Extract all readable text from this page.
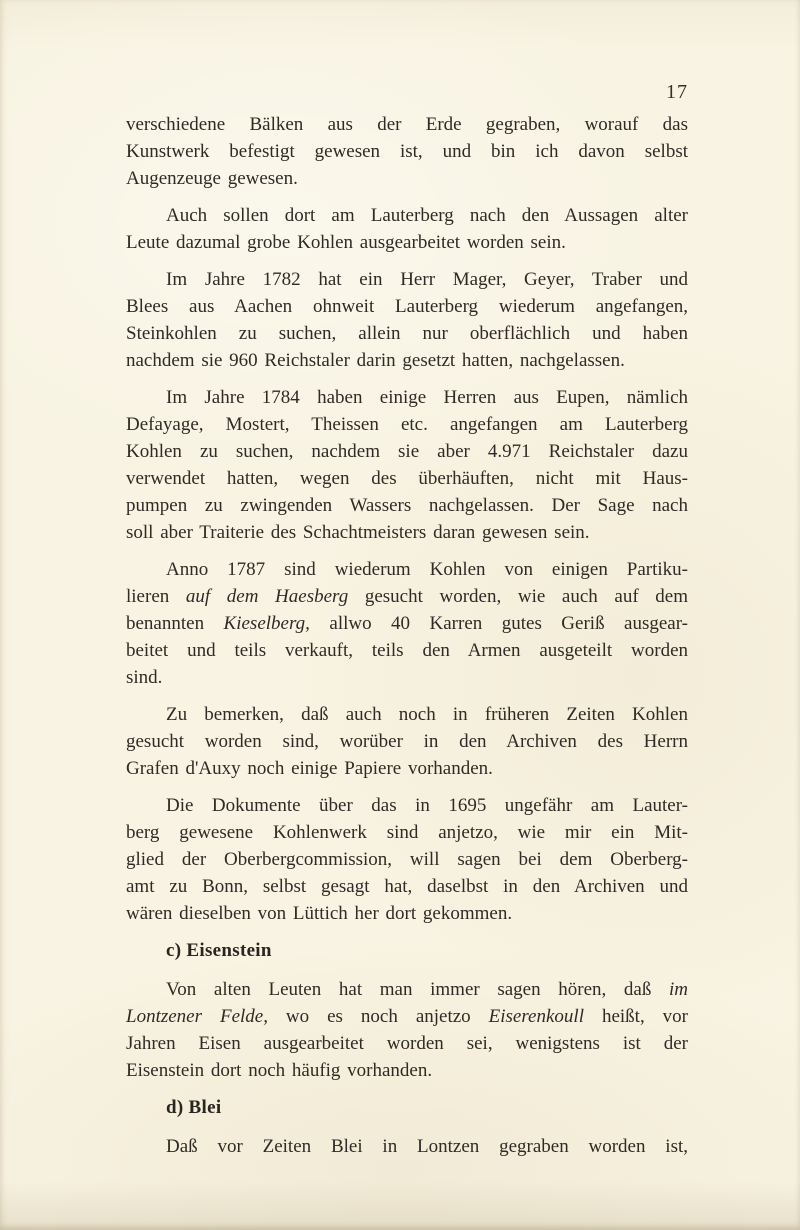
17
verschiedene Bälken aus der Erde gegraben, worauf das
Kunstwerk befestigt gewesen ist, und bin ich davon selbst
Augenzeuge gewesen.
Auch sollen dort am Lauterberg nach den Aussagen alter
Leute dazumal grobe Kohlen ausgearbeitet worden sein.
Im Jahre 1782 hat ein Herr Mager, Geyer, Traber und
Blees aus Aachen ohnweit Lauterberg wiederum angefangen,
Steinkohlen zu suchen, allein nur oberflächlich und haben
nachdem sie 960 Reichstaler darin gesetzt hatten, nachgelassen.
Im Jahre 1784 haben einige Herren aus Eupen, nämlich
Defayage, Mostert, Theissen etc. angefangen am Lauterberg
Kohlen zu suchen, nachdem sie aber 4.971 Reichstaler dazu
verwendet hatten, wegen des überhäuften, nicht mit Haus-
pumpen zu zwingenden Wassers nachgelassen. Der Sage nach
soll aber Traiterie des Schachtmeisters daran gewesen sein.
Anno 1787 sind wiederum Kohlen von einigen Partiku-
lieren auf dem Haesberg gesucht worden, wie auch auf dem
benannten Kieselberg, allwo 40 Karren gutes Geriß ausgear-
beitet und teils verkauft, teils den Armen ausgeteilt worden
sind.
Zu bemerken, daß auch noch in früheren Zeiten Kohlen
gesucht worden sind, worüber in den Archiven des Herrn
Grafen d'Auxy noch einige Papiere vorhanden.
Die Dokumente über das in 1695 ungefähr am Lauter-
berg gewesene Kohlenwerk sind anjetzo, wie mir ein Mit-
glied der Oberbergcommission, will sagen bei dem Oberberg-
amt zu Bonn, selbst gesagt hat, daselbst in den Archiven und
wären dieselben von Lüttich her dort gekommen.
c) Eisenstein
Von alten Leuten hat man immer sagen hören, daß im
Lontzener Felde, wo es noch anjetzo Eiserenkoull heißt, vor
Jahren Eisen ausgearbeitet worden sei, wenigstens ist der
Eisenstein dort noch häufig vorhanden.
d) Blei
Daß vor Zeiten Blei in Lontzen gegraben worden ist,
